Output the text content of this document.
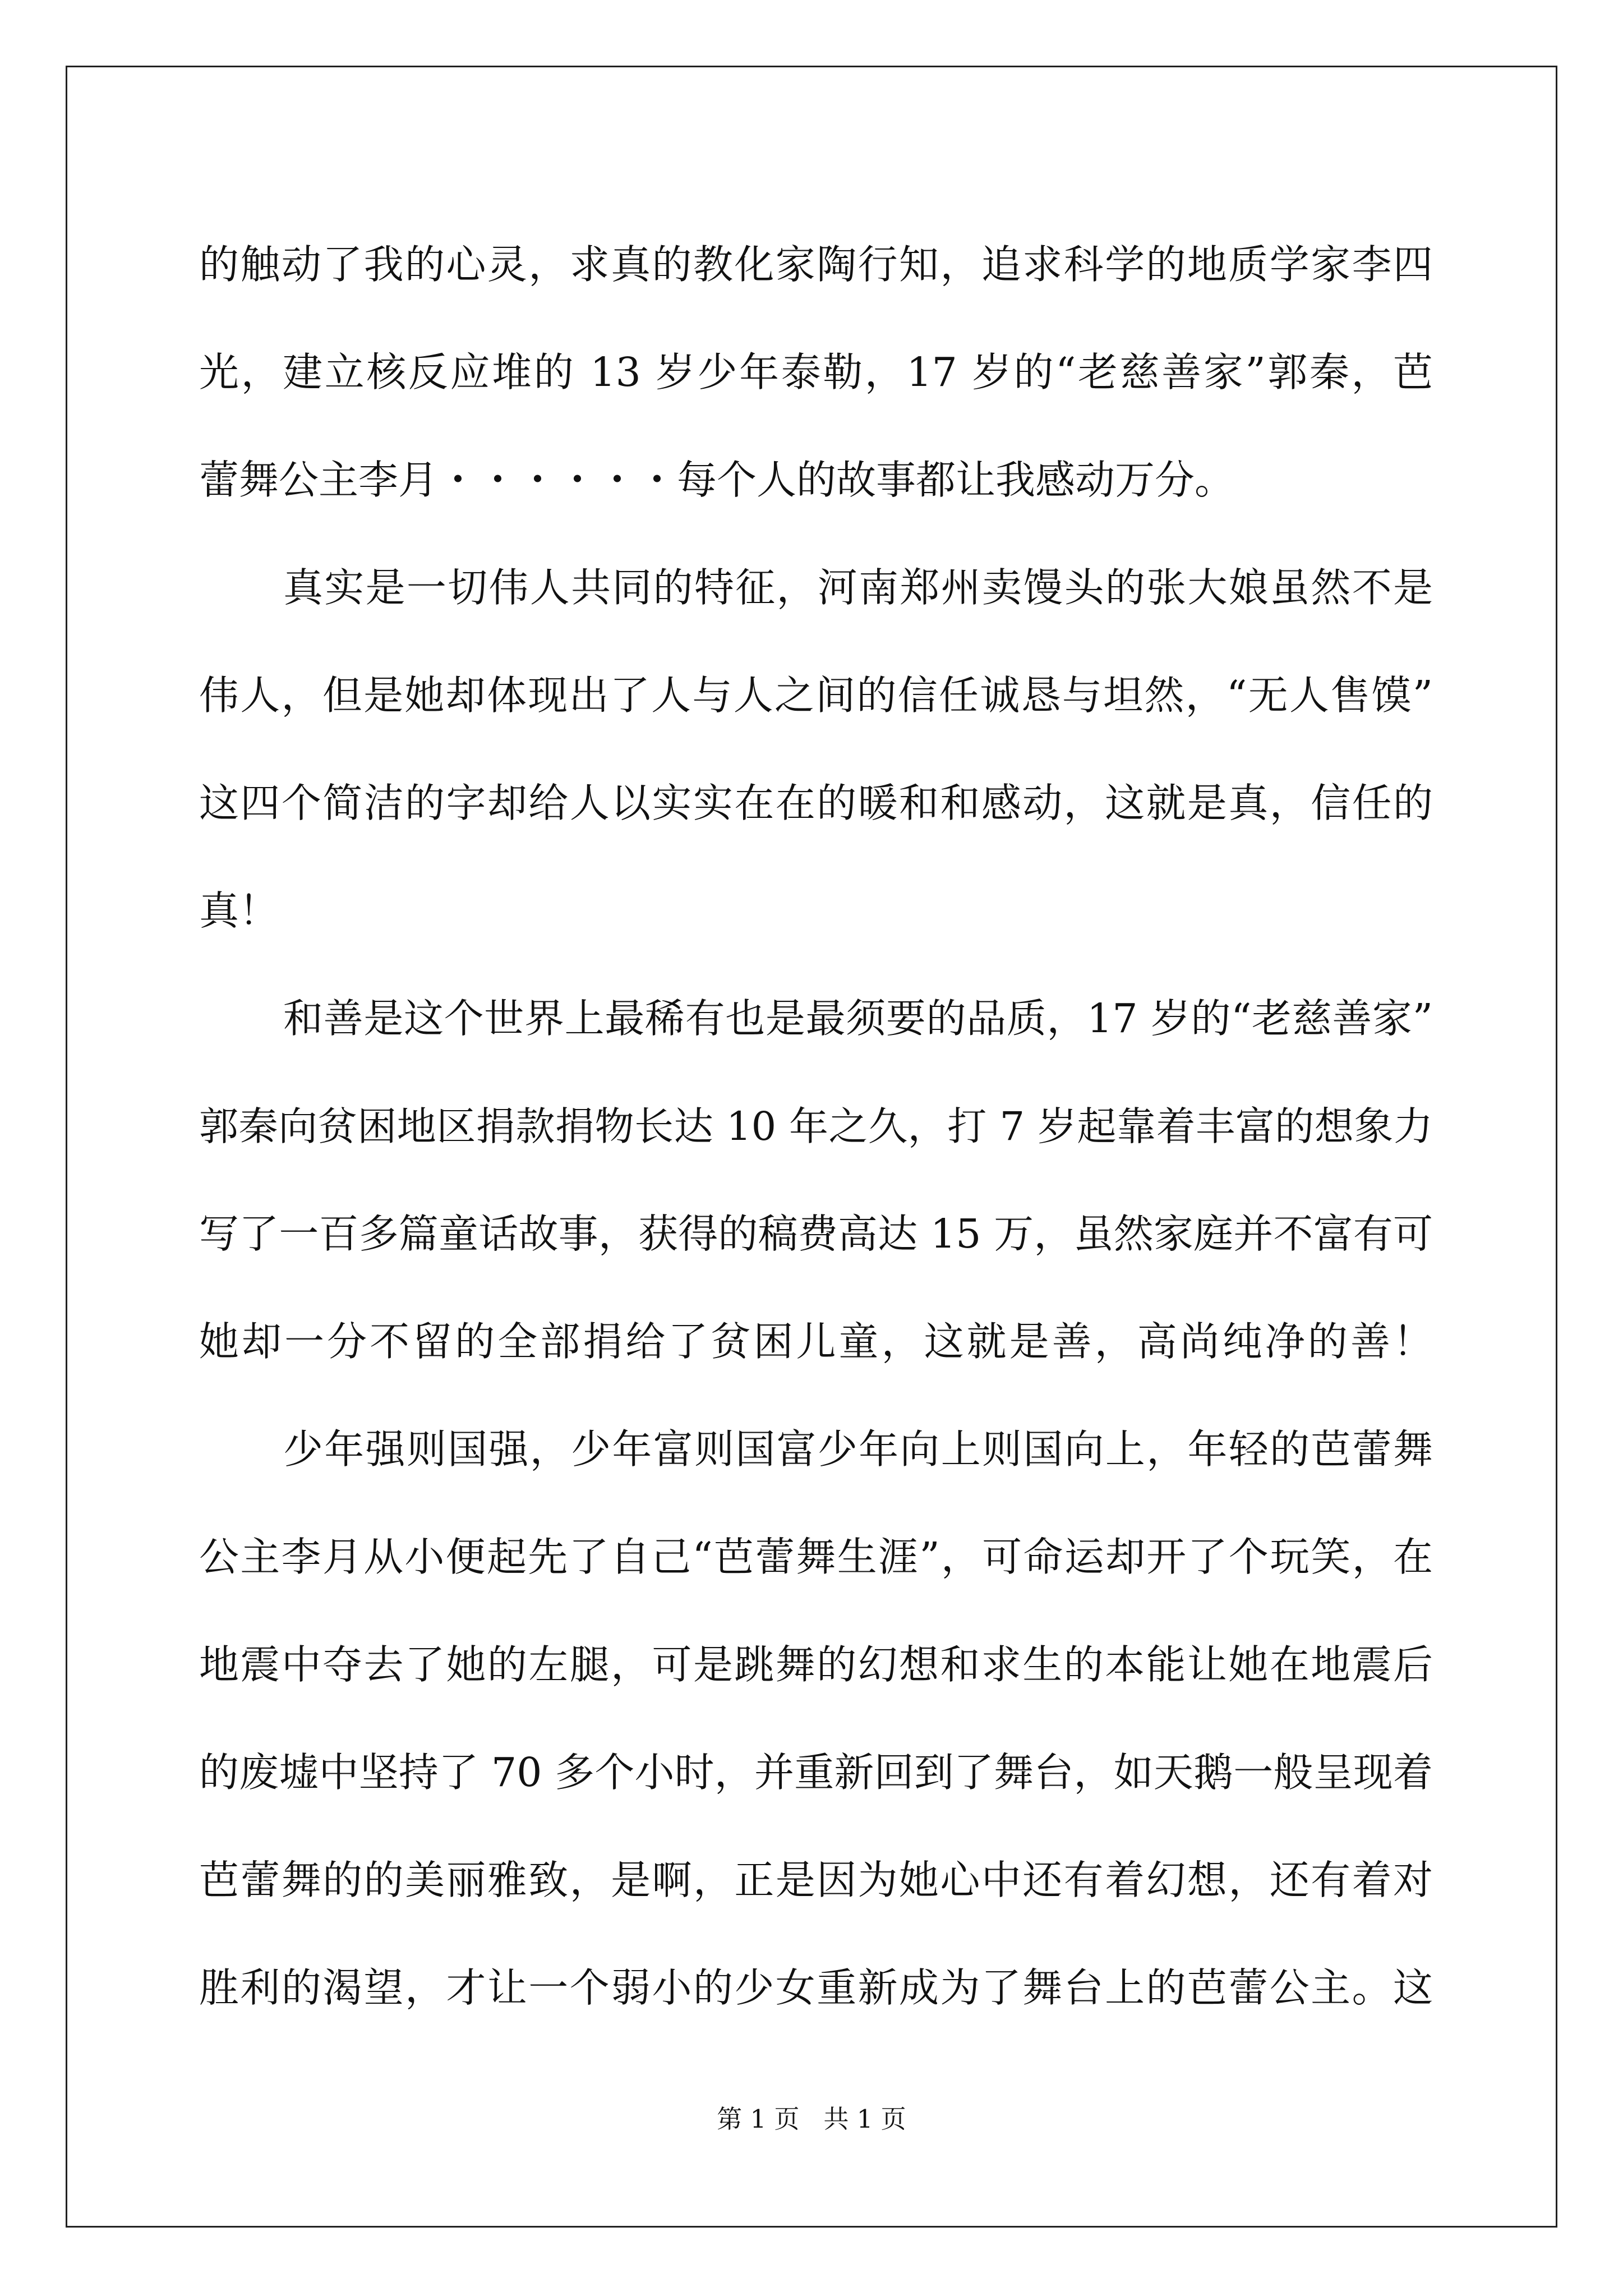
的触动了我的心灵，求真的教化家陶行知，追求科学的地质学家李四
光，建立核反应堆的 13 岁少年泰勒，17 岁的“老慈善家”郭秦，芭
蕾舞公主李月・・・・・・每个人的故事都让我感动万分。
真实是一切伟人共同的特征，河南郑州卖馒头的张大娘虽然不是
伟人，但是她却体现出了人与人之间的信任诚恳与坦然，“无人售馍”
这四个简洁的字却给人以实实在在的暖和和感动，这就是真，信任的
真！
和善是这个世界上最稀有也是最须要的品质，17 岁的“老慈善家”
郭秦向贫困地区捐款捐物长达 10 年之久，打 7 岁起靠着丰富的想象力
写了一百多篇童话故事，获得的稿费高达 15 万，虽然家庭并不富有可
她却一分不留的全部捐给了贫困儿童，这就是善，高尚纯净的善！
少年强则国强，少年富则国富少年向上则国向上，年轻的芭蕾舞
公主李月从小便起先了自己“芭蕾舞生涯”，可命运却开了个玩笑，在
地震中夺去了她的左腿，可是跳舞的幻想和求生的本能让她在地震后
的废墟中坚持了 70 多个小时，并重新回到了舞台，如天鹅一般呈现着
芭蕾舞的的美丽雅致，是啊，正是因为她心中还有着幻想，还有着对
胜利的渴望，才让一个弱小的少女重新成为了舞台上的芭蕾公主。这
第 1 页   共 1 页
